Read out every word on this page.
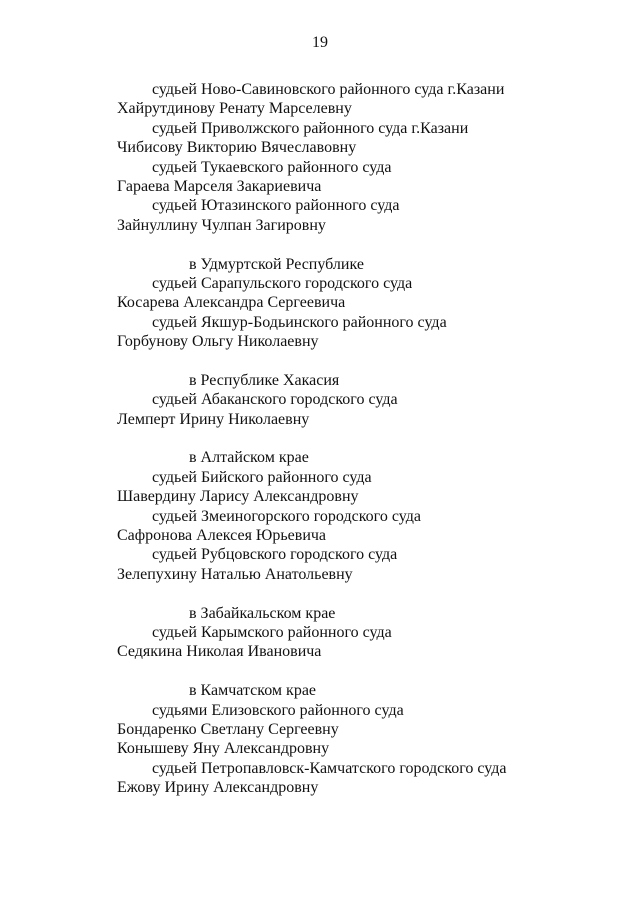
19
судьей Ново-Савиновского районного суда г.Казани
Хайрутдинову Ренату Марселевну
судьей Приволжского районного суда г.Казани
Чибисову Викторию Вячеславовну
судьей Тукаевского районного суда
Гараева Марселя Закариевича
судьей Ютазинского районного суда
Зайнуллину Чулпан Загировну
в Удмуртской Республике
судьей Сарапульского городского суда
Косарева Александра Сергеевича
судьей Якшур-Бодьинского районного суда
Горбунову Ольгу Николаевну
в Республике Хакасия
судьей Абаканского городского суда
Лемперт Ирину Николаевну
в Алтайском крае
судьей Бийского районного суда
Шавердину Ларису Александровну
судьей Змеиногорского городского суда
Сафронова Алексея Юрьевича
судьей Рубцовского городского суда
Зелепухину Наталью Анатольевну
в Забайкальском крае
судьей Карымского районного суда
Седякина Николая Ивановича
в Камчатском крае
судьями Елизовского районного суда
Бондаренко Светлану Сергеевну
Конышеву Яну Александровну
судьей Петропавловск-Камчатского городского суда
Ежову Ирину Александровну
